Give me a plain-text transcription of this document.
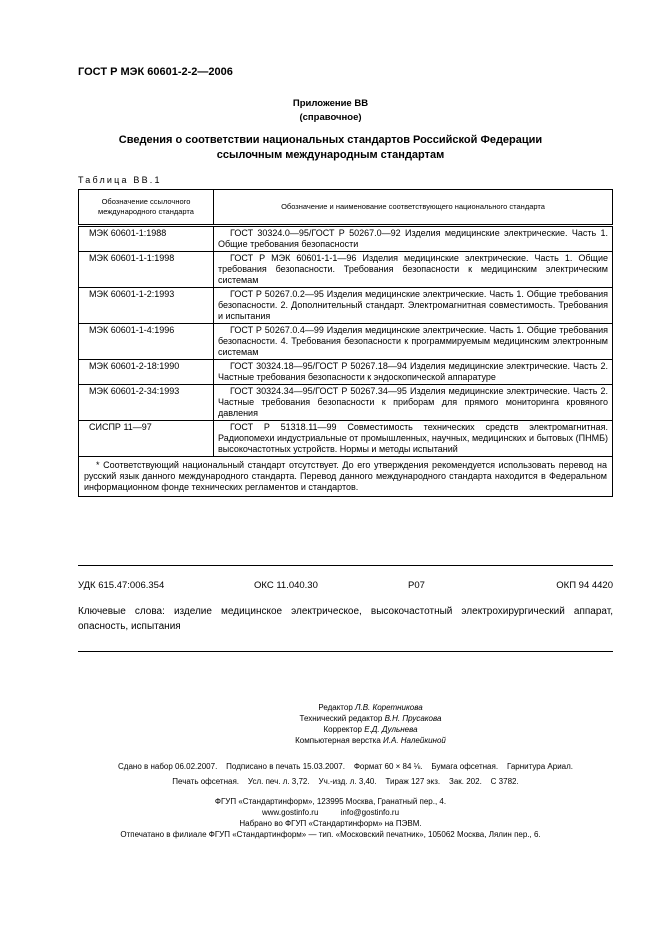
ГОСТ Р МЭК 60601-2-2—2006
Приложение ВВ
(справочное)
Сведения о соответствии национальных стандартов Российской Федерации
ссылочным международным стандартам
Таблица ВВ.1
Обозначение ссылочного международного стандарта	Обозначение и наименование соответствующего национального стандарта
МЭК 60601-1:1988	ГОСТ 30324.0—95/ГОСТ Р 50267.0—92 Изделия медицинские электрические. Часть 1. Общие требования безопасности
МЭК 60601-1-1:1998	ГОСТ Р МЭК 60601-1-1—96 Изделия медицинские электрические. Часть 1. Общие требования безопасности. Требования безопасности к медицинским электрическим системам
МЭК 60601-1-2:1993	ГОСТ Р 50267.0.2—95 Изделия медицинские электрические. Часть 1. Общие требования безопасности. 2. Дополнительный стандарт. Электромагнитная совместимость. Требования и испытания
МЭК 60601-1-4:1996	ГОСТ Р 50267.0.4—99 Изделия медицинские электрические. Часть 1. Общие требования безопасности. 4. Требования безопасности к программируемым медицинским электронным системам
МЭК 60601-2-18:1990	ГОСТ 30324.18—95/ГОСТ Р 50267.18—94 Изделия медицинские электрические. Часть 2. Частные требования безопасности к эндоскопической аппаратуре
МЭК 60601-2-34:1993	ГОСТ 30324.34—95/ГОСТ Р 50267.34—95 Изделия медицинские электрические. Часть 2. Частные требования безопасности к приборам для прямого мониторинга кровяного давления
СИСПР 11—97	ГОСТ Р 51318.11—99 Совместимость технических средств электромагнитная. Радиопомехи индустриальные от промышленных, научных, медицинских и бытовых (ПНМБ) высокочастотных устройств. Нормы и методы испытаний
* Соответствующий национальный стандарт отсутствует. До его утверждения рекомендуется использовать перевод на русский язык данного международного стандарта. Перевод данного международного стандарта находится в Федеральном информационном фонде технических регламентов и стандартов.	
УДК 615.47:006.354	ОКС 11.040.30	Р07	ОКП 94 4420
Ключевые слова: изделие медицинское электрическое, высокочастотный электрохирургический аппарат, опасность, испытания
Редактор Л.В. Коретникова
Технический редактор В.Н. Прусакова
Корректор Е.Д. Дульнева
Компьютерная верстка И.А. Налейкиной
Сдано в набор 06.02.2007.    Подписано в печать 15.03.2007.    Формат 60 × 84 ⅛.    Бумага офсетная.    Гарнитура Ариал.
Печать офсетная.    Усл. печ. л. 3,72.    Уч.-изд. л. 3,40.    Тираж 127 экз.    Зак. 202.    С 3782.
ФГУП «Стандартинформ», 123995 Москва, Гранатный пер., 4.
www.gostinfo.ru          info@gostinfo.ru
Набрано во ФГУП «Стандартинформ» на ПЭВМ.
Отпечатано в филиале ФГУП «Стандартинформ» — тип. «Московский печатник», 105062 Москва, Лялин пер., 6.
